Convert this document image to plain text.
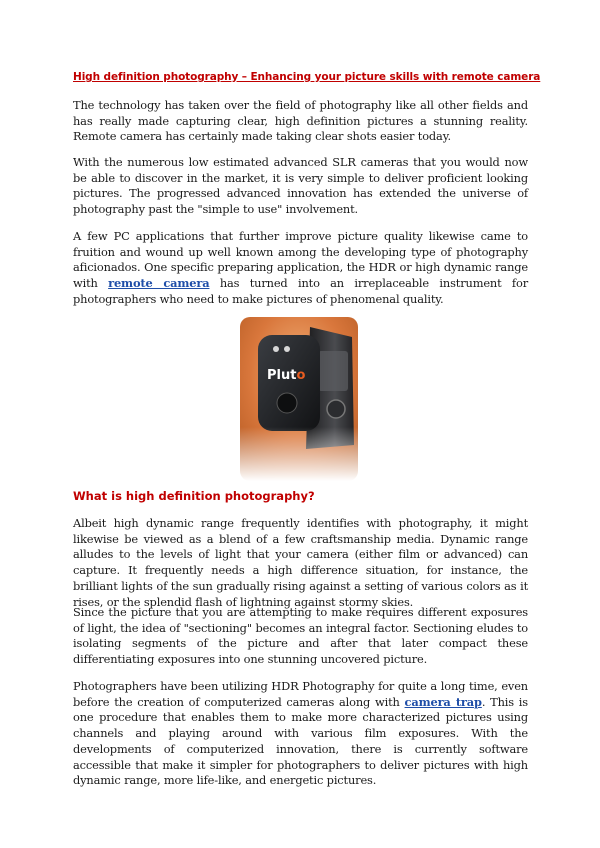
High definition photography – Enhancing your picture skills with remote camera

The technology has taken over the field of photography like all other fields and has really made capturing clear, high definition pictures a stunning reality. Remote camera has certainly made taking clear shots easier today.

With the numerous low estimated advanced SLR cameras that you would now be able to discover in the market, it is very simple to deliver proficient looking pictures. The progressed advanced innovation has extended the universe of photography past the "simple to use" involvement.

A few PC applications that further improve picture quality likewise came to fruition and wound up well known among the developing type of photography aficionados. One specific preparing application, the HDR or high dynamic range with remote camera has turned into an irreplaceable instrument for photographers who need to make pictures of phenomenal quality.

Pluto
What is high definition photography?

Albeit high dynamic range frequently identifies with photography, it might likewise be viewed as a blend of a few craftsmanship media. Dynamic range alludes to the levels of light that your camera (either film or advanced) can capture. It frequently needs a high difference situation, for instance, the brilliant lights of the sun gradually rising against a setting of various colors as it rises, or the splendid flash of lightning against stormy skies.

Since the picture that you are attempting to make requires different exposures of light, the idea of "sectioning" becomes an integral factor. Sectioning eludes to isolating segments of the picture and after that later compact these differentiating exposures into one stunning uncovered picture.

Photographers have been utilizing HDR Photography for quite a long time, even before the creation of computerized cameras along with camera trap. This is one procedure that enables them to make more characterized pictures using channels and playing around with various film exposures. With the developments of computerized innovation, there is currently software accessible that make it simpler for photographers to deliver pictures with high dynamic range, more life-like, and energetic pictures.
